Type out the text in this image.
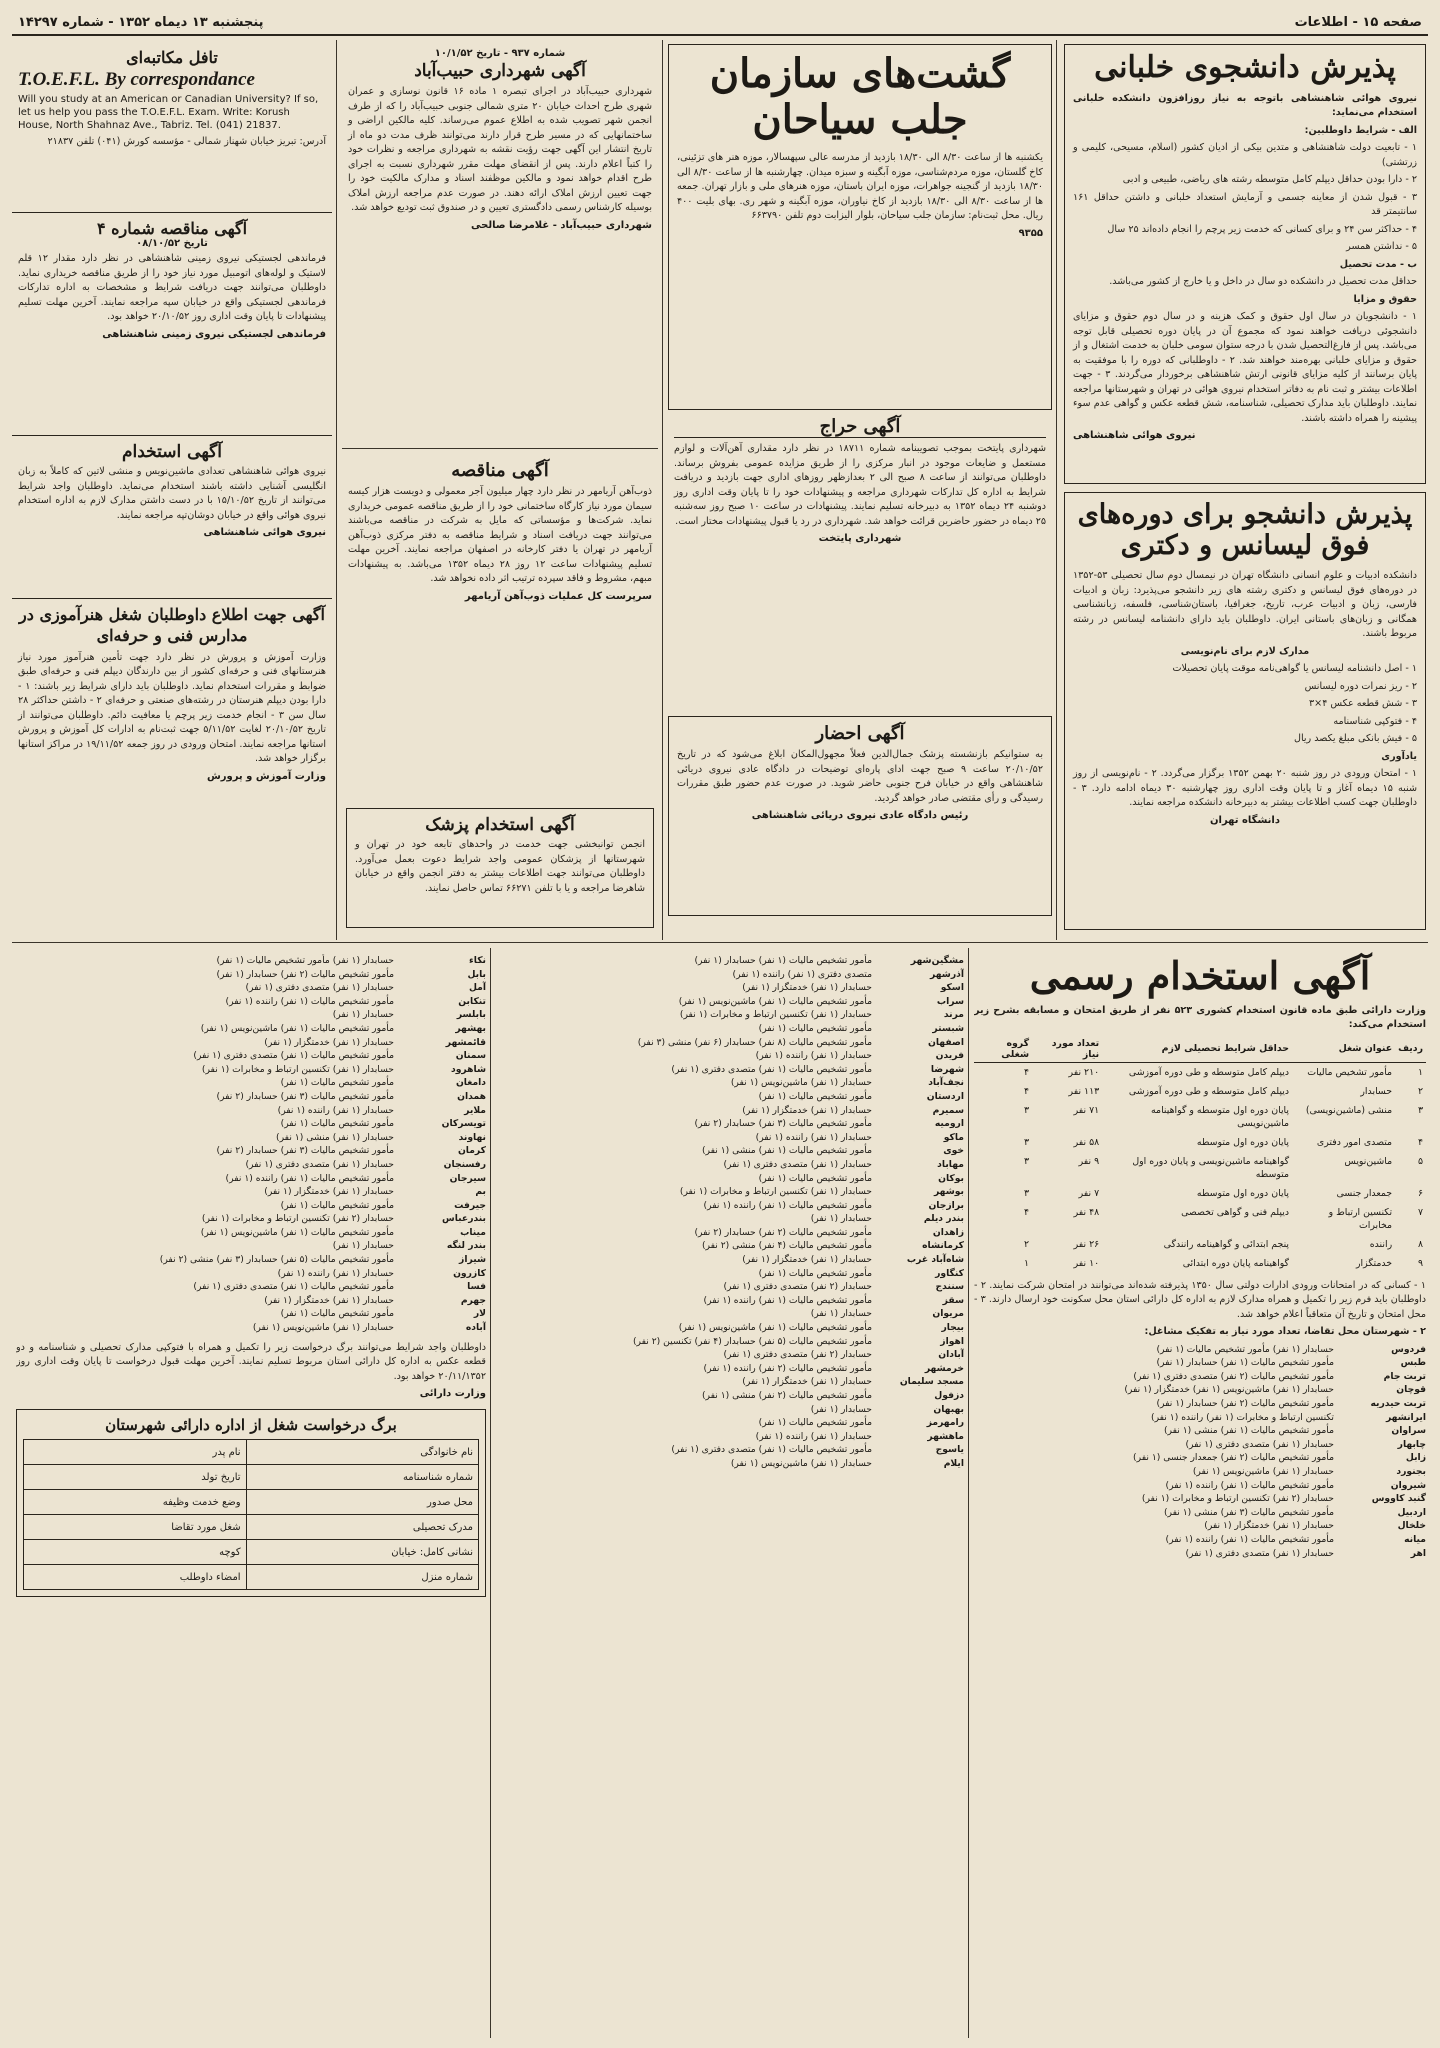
صفحه ۱۵ - اطلاعات
پنجشنبه ۱۳ دیماه ۱۳۵۲ - شماره ۱۴۲۹۷
پذیرش دانشجوی خلبانی

نیروی هوائی شاهنشاهی باتوجه به نیاز روزافزون دانشکده خلبانی استخدام می‌نماید:

الف - شرایط داوطلبین:

۱ - تابعیت دولت شاهنشاهی و متدین بیکی از ادیان کشور (اسلام، مسیحی، کلیمی و زرتشتی)

۲ - دارا بودن حداقل دیپلم کامل متوسطه رشته های ریاضی، طبیعی و ادبی

۳ - قبول شدن از معاینه جسمی و آزمایش استعداد خلبانی و داشتن حداقل ۱۶۱ سانتیمتر قد

۴ - حداکثر سن ۲۴ و برای کسانی که خدمت زیر پرچم را انجام داده‌اند ۲۵ سال

۵ - نداشتن همسر

ب - مدت تحصیل

حداقل مدت تحصیل در دانشکده دو سال در داخل و یا خارج از کشور می‌باشد.

حقوق و مزایا

۱ - دانشجویان در سال اول حقوق و کمک هزینه و در سال دوم حقوق و مزایای دانشجوئی دریافت خواهند نمود که مجموع آن در پایان دوره تحصیلی قابل توجه می‌باشد. پس از فارغ‌التحصیل شدن با درجه ستوان سومی خلبان به خدمت اشتغال و از حقوق و مزایای خلبانی بهره‌مند خواهند شد. ۲ - داوطلبانی که دوره را با موفقیت به پایان برسانند از کلیه مزایای قانونی ارتش شاهنشاهی برخوردار می‌گردند. ۳ - جهت اطلاعات بیشتر و ثبت نام به دفاتر استخدام نیروی هوائی در تهران و شهرستانها مراجعه نمایند. داوطلبان باید مدارک تحصیلی، شناسنامه، شش قطعه عکس و گواهی عدم سوء پیشینه را همراه داشته باشند.

نیروی هوائی شاهنشاهی
پذیرش دانشجو برای دوره‌های
فوق لیسانس و دکتری

دانشکده ادبیات و علوم انسانی دانشگاه تهران در نیمسال دوم سال تحصیلی ۵۳-۱۳۵۲ در دوره‌های فوق لیسانس و دکتری رشته های زیر دانشجو می‌پذیرد: زبان و ادبیات فارسی، زبان و ادبیات عرب، تاریخ، جغرافیا، باستان‌شناسی، فلسفه، زبانشناسی همگانی و زبان‌های باستانی ایران. داوطلبان باید دارای دانشنامه لیسانس در رشته مربوط باشند.

مدارک لازم برای نام‌نویسی

۱ - اصل دانشنامه لیسانس یا گواهی‌نامه موقت پایان تحصیلات

۲ - ریز نمرات دوره لیسانس

۳ - شش قطعه عکس ۴×۳

۴ - فتوکپی شناسنامه

۵ - فیش بانکی مبلغ یکصد ریال

یادآوری

۱ - امتحان ورودی در روز شنبه ۲۰ بهمن ۱۳۵۲ برگزار می‌گردد. ۲ - نام‌نویسی از روز شنبه ۱۵ دیماه آغاز و تا پایان وقت اداری روز چهارشنبه ۳۰ دیماه ادامه دارد. ۳ - داوطلبان جهت کسب اطلاعات بیشتر به دبیرخانه دانشکده مراجعه نمایند.

دانشگاه تهران
گشت‌های سازمان
جلب سیاحان

یکشنبه ها از ساعت ۸/۳۰ الی ۱۸/۳۰ بازدید از مدرسه عالی سپهسالار، موزه هنر های تزئینی، کاخ گلستان، موزه مردم‌شناسی، موزه آبگینه و سبزه میدان. چهارشنبه ها از ساعت ۸/۳۰ الی ۱۸/۳۰ بازدید از گنجینه جواهرات، موزه ایران باستان، موزه هنرهای ملی و بازار تهران. جمعه ها از ساعت ۸/۳۰ الی ۱۸/۳۰ بازدید از کاخ نیاوران، موزه آبگینه و شهر ری. بهای بلیت ۴۰۰ ریال. محل ثبت‌نام: سازمان جلب سیاحان، بلوار الیزابت دوم تلفن ۶۶۳۷۹۰

۹۳۵۵
آگهی حراج

شهرداری پایتخت بموجب تصویبنامه شماره ۱۸۷۱۱ در نظر دارد مقداری آهن‌آلات و لوازم مستعمل و ضایعات موجود در انبار مرکزی را از طریق مزایده عمومی بفروش برساند. داوطلبان می‌توانند از ساعت ۸ صبح الی ۲ بعدازظهر روزهای اداری جهت بازدید و دریافت شرایط به اداره کل تدارکات شهرداری مراجعه و پیشنهادات خود را تا پایان وقت اداری روز دوشنبه ۲۴ دیماه ۱۳۵۲ به دبیرخانه تسلیم نمایند. پیشنهادات در ساعت ۱۰ صبح روز سه‌شنبه ۲۵ دیماه در حضور حاضرین قرائت خواهد شد. شهرداری در رد یا قبول پیشنهادات مختار است.

شهرداری پایتخت
آگهی احضار

به ستوانیکم بازنشسته پزشک جمال‌الدین فعلاً مجهول‌المکان ابلاغ می‌شود که در تاریخ ۲۰/۱۰/۵۲ ساعت ۹ صبح جهت ادای پاره‌ای توضیحات در دادگاه عادی نیروی دریائی شاهنشاهی واقع در خیابان فرح جنوبی حاضر شوید. در صورت عدم حضور طبق مقررات رسیدگی و رأی مقتضی صادر خواهد گردید.

رئیس دادگاه عادی نیروی دریائی شاهنشاهی
شماره ۹۳۷ - تاریخ ۱۰/۱/۵۲
آگهی شهرداری حبیب‌آباد

شهرداری حبیب‌آباد در اجرای تبصره ۱ ماده ۱۶ قانون نوسازی و عمران شهری طرح احداث خیابان ۲۰ متری شمالی جنوبی حبیب‌آباد را که از طرف انجمن شهر تصویب شده به اطلاع عموم می‌رساند. کلیه مالکین اراضی و ساختمانهایی که در مسیر طرح قرار دارند می‌توانند ظرف مدت دو ماه از تاریخ انتشار این آگهی جهت رؤیت نقشه به شهرداری مراجعه و نظرات خود را کتباً اعلام دارند. پس از انقضای مهلت مقرر شهرداری نسبت به اجرای طرح اقدام خواهد نمود و مالکین موظفند اسناد و مدارک مالکیت خود را جهت تعیین ارزش املاک ارائه دهند. در صورت عدم مراجعه ارزش املاک بوسیله کارشناس رسمی دادگستری تعیین و در صندوق ثبت تودیع خواهد شد.

شهرداری حبیب‌آباد - غلامرضا صالحی
آگهی مناقصه

ذوب‌آهن آریامهر در نظر دارد چهار میلیون آجر معمولی و دویست هزار کیسه سیمان مورد نیاز کارگاه ساختمانی خود را از طریق مناقصه عمومی خریداری نماید. شرکت‌ها و مؤسساتی که مایل به شرکت در مناقصه می‌باشند می‌توانند جهت دریافت اسناد و شرایط مناقصه به دفتر مرکزی ذوب‌آهن آریامهر در تهران یا دفتر کارخانه در اصفهان مراجعه نمایند. آخرین مهلت تسلیم پیشنهادات ساعت ۱۲ روز ۲۸ دیماه ۱۳۵۲ می‌باشد. به پیشنهادات مبهم، مشروط و فاقد سپرده ترتیب اثر داده نخواهد شد.

سرپرست کل عملیات ذوب‌آهن آریامهر
آگهی استخدام پزشک

انجمن توانبخشی جهت خدمت در واحدهای تابعه خود در تهران و شهرستانها از پزشکان عمومی واجد شرایط دعوت بعمل می‌آورد. داوطلبان می‌توانند جهت اطلاعات بیشتر به دفتر انجمن واقع در خیابان شاهرضا مراجعه و یا با تلفن ۶۶۲۷۱ تماس حاصل نمایند.

تافل مکاتبه‌ای
T.O.E.F.L. By correspondance
Will you study at an American or Canadian University? If so, let us help you pass the T.O.E.F.L. Exam. Write: Korush House, North Shahnaz Ave., Tabriz. Tel. (041) 21837.

آدرس: تبریز خیابان شهناز شمالی - مؤسسه کورش (۰۴۱) تلفن ۲۱۸۳۷

آگهی مناقصه شماره ۴
تاریخ ۰۸/۱۰/۵۲

فرماندهی لجستیکی نیروی زمینی شاهنشاهی در نظر دارد مقدار ۱۲ قلم لاستیک و لوله‌های اتومبیل مورد نیاز خود را از طریق مناقصه خریداری نماید. داوطلبان می‌توانند جهت دریافت شرایط و مشخصات به اداره تدارکات فرماندهی لجستیکی واقع در خیابان سپه مراجعه نمایند. آخرین مهلت تسلیم پیشنهادات تا پایان وقت اداری روز ۲۰/۱۰/۵۲ خواهد بود.

فرماندهی لجستیکی نیروی زمینی شاهنشاهی
آگهی استخدام

نیروی هوائی شاهنشاهی تعدادی ماشین‌نویس و منشی لاتین که کاملاً به زبان انگلیسی آشنایی داشته باشند استخدام می‌نماید. داوطلبان واجد شرایط می‌توانند از تاریخ ۱۵/۱۰/۵۲ با در دست داشتن مدارک لازم به اداره استخدام نیروی هوائی واقع در خیابان دوشان‌تپه مراجعه نمایند.

نیروی هوائی شاهنشاهی
آگهی جهت اطلاع داوطلبان شغل هنرآموزی در مدارس فنی و حرفه‌ای

وزارت آموزش و پرورش در نظر دارد جهت تأمین هنرآموز مورد نیاز هنرستانهای فنی و حرفه‌ای کشور از بین دارندگان دیپلم فنی و حرفه‌ای طبق ضوابط و مقررات استخدام نماید. داوطلبان باید دارای شرایط زیر باشند: ۱ - دارا بودن دیپلم هنرستان در رشته‌های صنعتی و حرفه‌ای ۲ - داشتن حداکثر ۲۸ سال سن ۳ - انجام خدمت زیر پرچم یا معافیت دائم. داوطلبان می‌توانند از تاریخ ۲۰/۱۰/۵۲ لغایت ۵/۱۱/۵۲ جهت ثبت‌نام به ادارات کل آموزش و پرورش استانها مراجعه نمایند. امتحان ورودی در روز جمعه ۱۹/۱۱/۵۲ در مراکز استانها برگزار خواهد شد.

وزارت آموزش و پرورش
آگهی استخدام رسمی

وزارت دارائی طبق ماده قانون استخدام کشوری ۵۲۳ نفر از طریق امتحان و مسابقه بشرح زیر استخدام می‌کند:

ردیف	عنوان شغل	حداقل شرایط تحصیلی لازم	تعداد مورد نیاز	گروه شغلی
۱	مأمور تشخیص مالیات	دیپلم کامل متوسطه و طی دوره آموزشی	۲۱۰ نفر	۴
۲	حسابدار	دیپلم کامل متوسطه و طی دوره آموزشی	۱۱۳ نفر	۴
۳	منشی (ماشین‌نویسی)	پایان دوره اول متوسطه و گواهینامه ماشین‌نویسی	۷۱ نفر	۳
۴	متصدی امور دفتری	پایان دوره اول متوسطه	۵۸ نفر	۳
۵	ماشین‌نویس	گواهینامه ماشین‌نویسی و پایان دوره اول متوسطه	۹ نفر	۳
۶	جمعدار جنسی	پایان دوره اول متوسطه	۷ نفر	۳
۷	تکنسین ارتباط و مخابرات	دیپلم فنی و گواهی تخصصی	۴۸ نفر	۴
۸	راننده	پنجم ابتدائی و گواهینامه رانندگی	۲۶ نفر	۲
۹	خدمتگزار	گواهینامه پایان دوره ابتدائی	۱۰ نفر	۱

۱ - کسانی که در امتحانات ورودی ادارات دولتی سال ۱۳۵۰ پذیرفته شده‌اند می‌توانند در امتحان شرکت نمایند. ۲ - داوطلبان باید فرم زیر را تکمیل و همراه مدارک لازم به اداره کل دارائی استان محل سکونت خود ارسال دارند. ۳ - محل امتحان و تاریخ آن متعاقباً اعلام خواهد شد.

۲ - شهرستان محل تقاضا، تعداد مورد نیاز به تفکیک مشاغل:

فردوس
حسابدار (۱ نفر) مأمور تشخیص مالیات (۱ نفر)
طبس
مأمور تشخیص مالیات (۱ نفر) حسابدار (۱ نفر)
تربت جام
مأمور تشخیص مالیات (۲ نفر) متصدی دفتری (۱ نفر)
قوچان
حسابدار (۱ نفر) ماشین‌نویس (۱ نفر) خدمتگزار (۱ نفر)
تربت حیدریه
مأمور تشخیص مالیات (۲ نفر) حسابدار (۱ نفر)
ایرانشهر
تکنسین ارتباط و مخابرات (۱ نفر) راننده (۱ نفر)
سراوان
مأمور تشخیص مالیات (۱ نفر) منشی (۱ نفر)
چابهار
حسابدار (۱ نفر) متصدی دفتری (۱ نفر)
زابل
مأمور تشخیص مالیات (۲ نفر) جمعدار جنسی (۱ نفر)
بجنورد
حسابدار (۱ نفر) ماشین‌نویس (۱ نفر)
شیروان
مأمور تشخیص مالیات (۱ نفر) راننده (۱ نفر)
گنبد کاووس
حسابدار (۲ نفر) تکنسین ارتباط و مخابرات (۱ نفر)
اردبیل
مأمور تشخیص مالیات (۳ نفر) منشی (۱ نفر)
خلخال
حسابدار (۱ نفر) خدمتگزار (۱ نفر)
میانه
مأمور تشخیص مالیات (۱ نفر) راننده (۱ نفر)
اهر
حسابدار (۱ نفر) متصدی دفتری (۱ نفر)
مشگین‌شهر
مأمور تشخیص مالیات (۱ نفر) حسابدار (۱ نفر)
آذرشهر
متصدی دفتری (۱ نفر) راننده (۱ نفر)
اسکو
حسابدار (۱ نفر) خدمتگزار (۱ نفر)
سراب
مأمور تشخیص مالیات (۱ نفر) ماشین‌نویس (۱ نفر)
مرند
حسابدار (۱ نفر) تکنسین ارتباط و مخابرات (۱ نفر)
شبستر
مأمور تشخیص مالیات (۱ نفر)
اصفهان
مأمور تشخیص مالیات (۸ نفر) حسابدار (۶ نفر) منشی (۳ نفر)
فریدن
حسابدار (۱ نفر) راننده (۱ نفر)
شهرضا
مأمور تشخیص مالیات (۱ نفر) متصدی دفتری (۱ نفر)
نجف‌آباد
حسابدار (۱ نفر) ماشین‌نویس (۱ نفر)
اردستان
مأمور تشخیص مالیات (۱ نفر)
سمیرم
حسابدار (۱ نفر) خدمتگزار (۱ نفر)
ارومیه
مأمور تشخیص مالیات (۳ نفر) حسابدار (۲ نفر)
ماکو
حسابدار (۱ نفر) راننده (۱ نفر)
خوی
مأمور تشخیص مالیات (۱ نفر) منشی (۱ نفر)
مهاباد
حسابدار (۱ نفر) متصدی دفتری (۱ نفر)
بوکان
مأمور تشخیص مالیات (۱ نفر)
بوشهر
حسابدار (۱ نفر) تکنسین ارتباط و مخابرات (۱ نفر)
برازجان
مأمور تشخیص مالیات (۱ نفر) راننده (۱ نفر)
بندر دیلم
حسابدار (۱ نفر)
زاهدان
مأمور تشخیص مالیات (۲ نفر) حسابدار (۲ نفر)
کرمانشاه
مأمور تشخیص مالیات (۴ نفر) منشی (۲ نفر)
شاه‌آباد غرب
حسابدار (۱ نفر) خدمتگزار (۱ نفر)
کنگاور
مأمور تشخیص مالیات (۱ نفر)
سنندج
حسابدار (۲ نفر) متصدی دفتری (۱ نفر)
سقز
مأمور تشخیص مالیات (۱ نفر) راننده (۱ نفر)
مریوان
حسابدار (۱ نفر)
بیجار
مأمور تشخیص مالیات (۱ نفر) ماشین‌نویس (۱ نفر)
اهواز
مأمور تشخیص مالیات (۵ نفر) حسابدار (۴ نفر) تکنسین (۲ نفر)
آبادان
حسابدار (۲ نفر) متصدی دفتری (۱ نفر)
خرمشهر
مأمور تشخیص مالیات (۲ نفر) راننده (۱ نفر)
مسجد سلیمان
حسابدار (۱ نفر) خدمتگزار (۱ نفر)
دزفول
مأمور تشخیص مالیات (۲ نفر) منشی (۱ نفر)
بهبهان
حسابدار (۱ نفر)
رامهرمز
مأمور تشخیص مالیات (۱ نفر)
ماهشهر
حسابدار (۱ نفر) راننده (۱ نفر)
یاسوج
مأمور تشخیص مالیات (۱ نفر) متصدی دفتری (۱ نفر)
ایلام
حسابدار (۱ نفر) ماشین‌نویس (۱ نفر)
نکاء
حسابدار (۱ نفر) مأمور تشخیص مالیات (۱ نفر)
بابل
مأمور تشخیص مالیات (۲ نفر) حسابدار (۱ نفر)
آمل
حسابدار (۱ نفر) متصدی دفتری (۱ نفر)
تنکابن
مأمور تشخیص مالیات (۱ نفر) راننده (۱ نفر)
بابلسر
حسابدار (۱ نفر)
بهشهر
مأمور تشخیص مالیات (۱ نفر) ماشین‌نویس (۱ نفر)
قائمشهر
حسابدار (۱ نفر) خدمتگزار (۱ نفر)
سمنان
مأمور تشخیص مالیات (۱ نفر) متصدی دفتری (۱ نفر)
شاهرود
حسابدار (۱ نفر) تکنسین ارتباط و مخابرات (۱ نفر)
دامغان
مأمور تشخیص مالیات (۱ نفر)
همدان
مأمور تشخیص مالیات (۳ نفر) حسابدار (۲ نفر)
ملایر
حسابدار (۱ نفر) راننده (۱ نفر)
تویسرکان
مأمور تشخیص مالیات (۱ نفر)
نهاوند
حسابدار (۱ نفر) منشی (۱ نفر)
کرمان
مأمور تشخیص مالیات (۳ نفر) حسابدار (۲ نفر)
رفسنجان
حسابدار (۱ نفر) متصدی دفتری (۱ نفر)
سیرجان
مأمور تشخیص مالیات (۱ نفر) راننده (۱ نفر)
بم
حسابدار (۱ نفر) خدمتگزار (۱ نفر)
جیرفت
مأمور تشخیص مالیات (۱ نفر)
بندرعباس
حسابدار (۲ نفر) تکنسین ارتباط و مخابرات (۱ نفر)
میناب
مأمور تشخیص مالیات (۱ نفر) ماشین‌نویس (۱ نفر)
بندر لنگه
حسابدار (۱ نفر)
شیراز
مأمور تشخیص مالیات (۵ نفر) حسابدار (۳ نفر) منشی (۲ نفر)
کازرون
حسابدار (۱ نفر) راننده (۱ نفر)
فسا
مأمور تشخیص مالیات (۱ نفر) متصدی دفتری (۱ نفر)
جهرم
حسابدار (۱ نفر) خدمتگزار (۱ نفر)
لار
مأمور تشخیص مالیات (۱ نفر)
آباده
حسابدار (۱ نفر) ماشین‌نویس (۱ نفر)

داوطلبان واجد شرایط می‌توانند برگ درخواست زیر را تکمیل و همراه با فتوکپی مدارک تحصیلی و شناسنامه و دو قطعه عکس به اداره کل دارائی استان مربوط تسلیم نمایند. آخرین مهلت قبول درخواست تا پایان وقت اداری روز ۲۰/۱۱/۱۳۵۲ خواهد بود.

وزارت دارائی
برگ درخواست شغل از اداره دارائی شهرستان
نام خانوادگی	نام پدر
شماره شناسنامه	تاریخ تولد
محل صدور	وضع خدمت وظیفه
مدرک تحصیلی	شغل مورد تقاضا
نشانی کامل: خیابان	کوچه
شماره منزل	امضاء داوطلب
